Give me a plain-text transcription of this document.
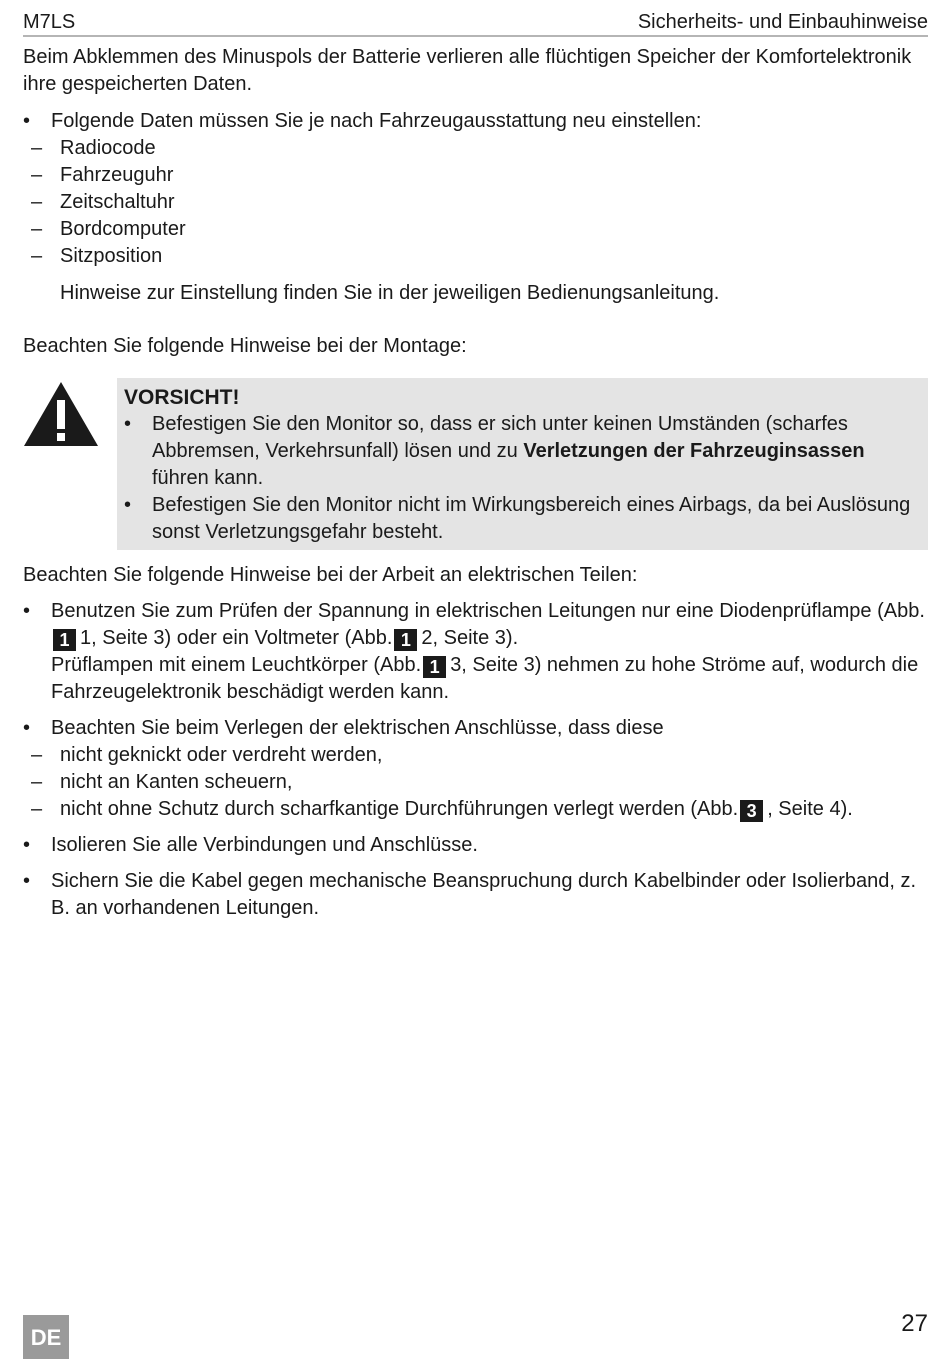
M7LS	Sicherheits- und Einbauhinweise

Beim Abklemmen des Minuspols der Batterie verlieren alle flüchtigen Speicher der Komfortelektronik ihre gespeicherten Daten.

• Folgende Daten müssen Sie je nach Fahrzeugausstattung neu einstellen:

– Radiocode
– Fahrzeuguhr
– Zeitschaltuhr
– Bordcomputer
– Sitzposition

Hinweise zur Einstellung finden Sie in der jeweiligen Bedienungsanleitung.

Beachten Sie folgende Hinweise bei der Montage:

VORSICHT!
• Befestigen Sie den Monitor so, dass er sich unter keinen Umständen (scharfes Abbremsen, Verkehrsunfall) lösen und zu Verletzungen der Fahrzeuginsassen führen kann.

• Befestigen Sie den Monitor nicht im Wirkungsbereich eines Airbags, da bei Auslösung sonst Verletzungsgefahr besteht.

Beachten Sie folgende Hinweise bei der Arbeit an elektrischen Teilen:

• Benutzen Sie zum Prüfen der Spannung in elektrischen Leitungen nur eine Diodenprüflampe (Abb.1 1, Seite 3) oder ein Voltmeter (Abb. 1 2, Seite 3).
Prüflampen mit einem Leuchtkörper (Abb. 1 3, Seite 3) nehmen zu hohe Ströme auf, wodurch die Fahrzeugelektronik beschädigt werden kann.

• Beachten Sie beim Verlegen der elektrischen Anschlüsse, dass diese

– nicht geknickt oder verdreht werden,
– nicht an Kanten scheuern,
– nicht ohne Schutz durch scharfkantige Durchführungen verlegt werden (Abb. 3 , Seite 4).
• Isolieren Sie alle Verbindungen und Anschlüsse.

• Sichern Sie die Kabel gegen mechanische Beanspruchung durch Kabelbinder oder Isolierband, z. B. an vorhandenen Leitungen.

DE	27
